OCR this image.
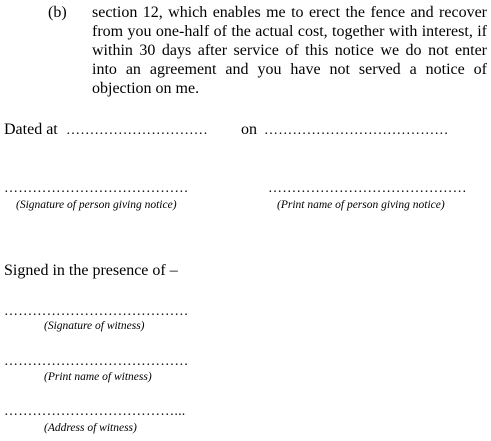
(b) section 12, which enables me to erect the fence and recover from you one-half of the actual cost, together with interest, if within 30 days after service of this notice we do not enter into an agreement and you have not served a notice of objection on me.
Dated at ………………………… on …………………………………
…………………………………
(Signature of person giving notice)
……………………………………
(Print name of person giving notice)
Signed in the presence of –
…………………………………
(Signature of witness)
…………………………………
(Print name of witness)
………………………………...
(Address of witness)
